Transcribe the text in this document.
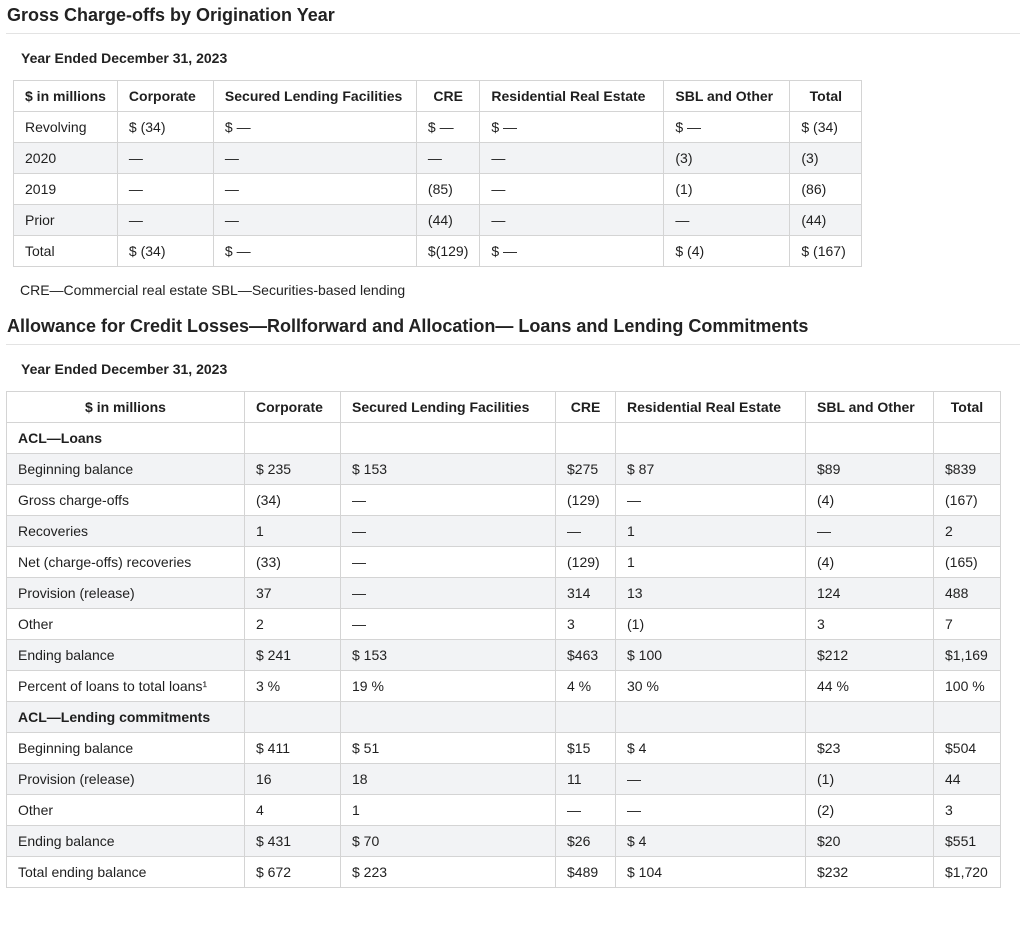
Gross Charge-offs by Origination Year
Year Ended December 31, 2023
$ in millions	Corporate	Secured Lending Facilities	CRE	Residential Real Estate	SBL and Other	Total
Revolving	$ (34)	$ —	$ —	$ —	$ —	$ (34)
2020	—	—	—	—	(3)	(3)
2019	—	—	(85)	—	(1)	(86)
Prior	—	—	(44)	—	—	(44)
Total	$ (34)	$ —	$(129)	$ —	$ (4)	$ (167)
CRE—Commercial real estate SBL—Securities-based lending
Allowance for Credit Losses—Rollforward and Allocation— Loans and Lending Commitments
Year Ended December 31, 2023
$ in millions	Corporate	Secured Lending Facilities	CRE	Residential Real Estate	SBL and Other	Total
ACL—Loans						
Beginning balance	$ 235	$ 153	$275	$ 87	$89	$839
Gross charge-offs	(34)	—	(129)	—	(4)	(167)
Recoveries	1	—	—	1	—	2
Net (charge-offs) recoveries	(33)	—	(129)	1	(4)	(165)
Provision (release)	37	—	314	13	124	488
Other	2	—	3	(1)	3	7
Ending balance	$ 241	$ 153	$463	$ 100	$212	$1,169
Percent of loans to total loans¹	3 %	19 %	4 %	30 %	44 %	100 %
ACL—Lending commitments						
Beginning balance	$ 411	$ 51	$15	$ 4	$23	$504
Provision (release)	16	18	11	—	(1)	44
Other	4	1	—	—	(2)	3
Ending balance	$ 431	$ 70	$26	$ 4	$20	$551
Total ending balance	$ 672	$ 223	$489	$ 104	$232	$1,720
